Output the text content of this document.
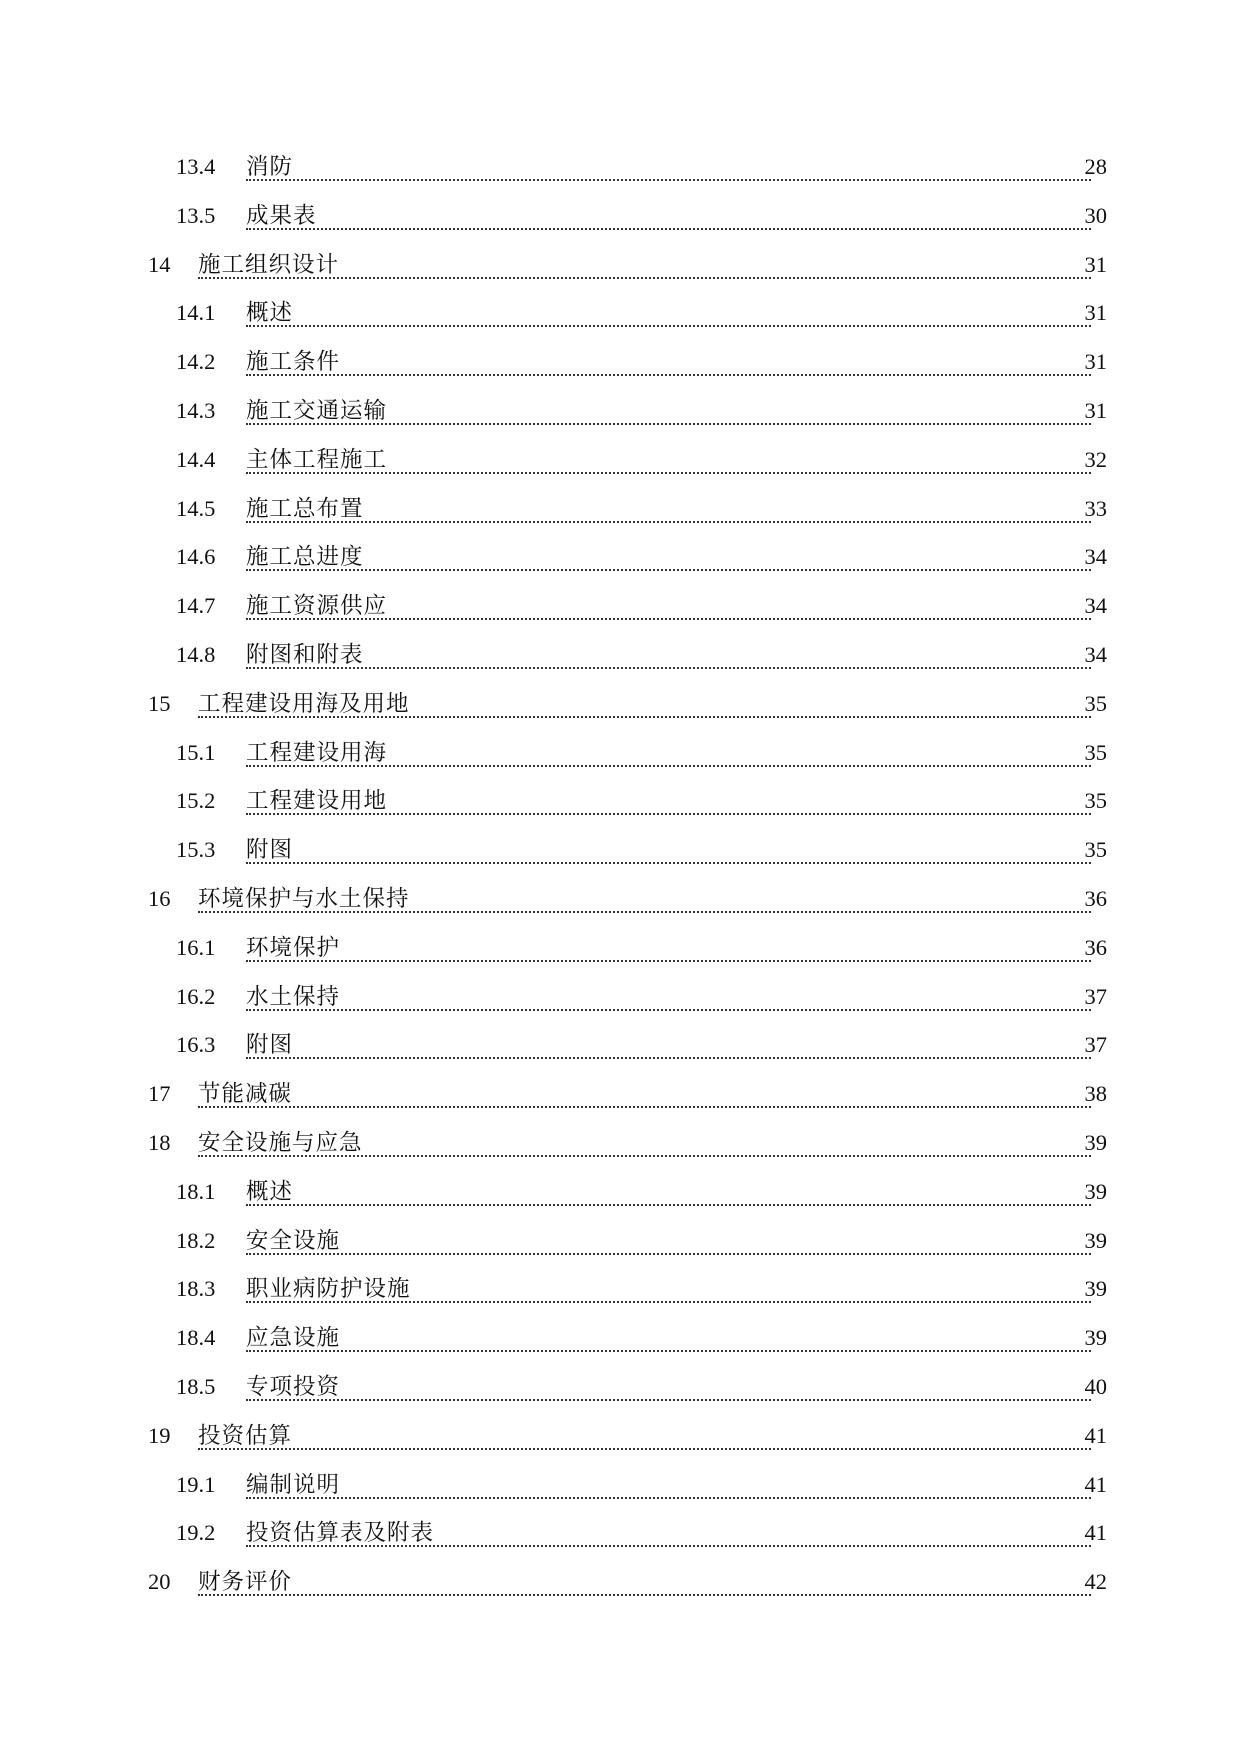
13.4 消防	28
13.5 成果表	30
14 施工组织设计	31
14.1 概述	31
14.2 施工条件	31
14.3 施工交通运输	31
14.4 主体工程施工	32
14.5 施工总布置	33
14.6 施工总进度	34
14.7 施工资源供应	34
14.8 附图和附表	34
15 工程建设用海及用地	35
15.1 工程建设用海	35
15.2 工程建设用地	35
15.3 附图	35
16 环境保护与水土保持	36
16.1 环境保护	36
16.2 水土保持	37
16.3 附图	37
17 节能减碳	38
18 安全设施与应急	39
18.1 概述	39
18.2 安全设施	39
18.3 职业病防护设施	39
18.4 应急设施	39
18.5 专项投资	40
19 投资估算	41
19.1 编制说明	41
19.2 投资估算表及附表	41
20 财务评价	42
